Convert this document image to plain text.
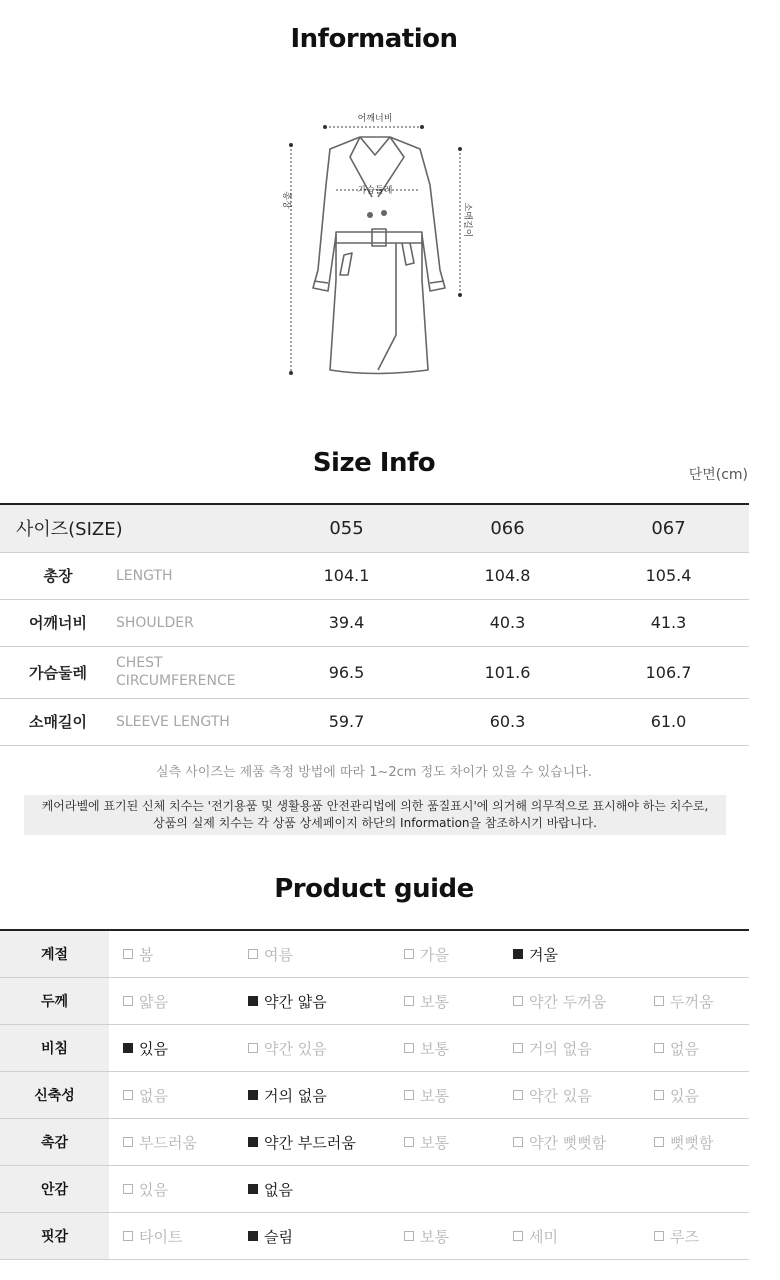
Information
어깨너비
가슴둘레
총장
소매길이
Size Info	단면(cm)
사이즈(SIZE)		055	066	067
총장	LENGTH	104.1	104.8	105.4
어깨너비	SHOULDER	39.4	40.3	41.3
가슴둘레	CHEST CIRCUMFERENCE	96.5	101.6	106.7
소매길이	SLEEVE LENGTH	59.7	60.3	61.0
실측 사이즈는 제품 측정 방법에 따라 1~2cm 정도 차이가 있을 수 있습니다.
케어라벨에 표기된 신체 치수는 '전기용품 및 생활용품 안전관리법에 의한 품질표시'에 의거해 의무적으로 표시해야 하는 치수로,
상품의 실제 치수는 각 상품 상세페이지 하단의 Information을 참조하시기 바랍니다.
Product guide
계절	봄	여름	가을	겨울
두께	얇음	약간 얇음	보통	약간 두꺼움	두꺼움
비침	있음	약간 있음	보통	거의 없음	없음
신축성	없음	거의 없음	보통	약간 있음	있음
촉감	부드러움	약간 부드러움	보통	약간 뻣뻣함	뻣뻣함
안감	있음	없음
핏감	타이트	슬림	보통	세미	루즈
